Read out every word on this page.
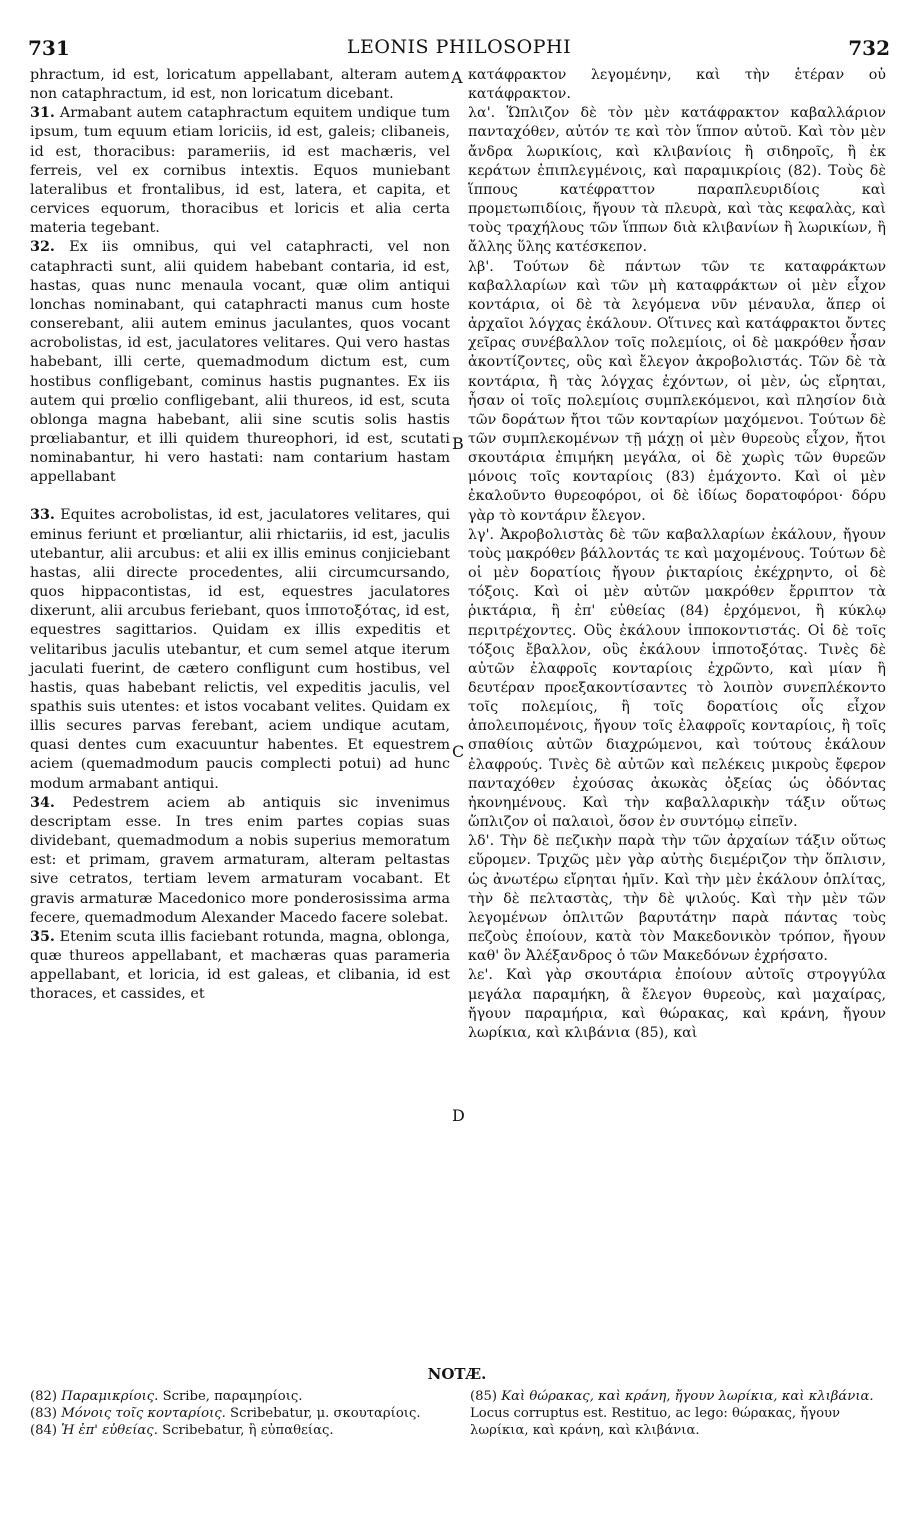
731	LEONIS PHILOSOPHI	732
A
B
C
D

phractum, id est, loricatum appellabant, alteram autem non cataphractum, id est, non loricatum dicebant.

31. Armabant autem cataphractum equitem undique tum ipsum, tum equum etiam loriciis, id est, galeis; clibaneis, id est, thoracibus: parameriis, id est machæris, vel ferreis, vel ex cornibus intextis. Equos muniebant lateralibus et frontalibus, id est, latera, et capita, et cervices equorum, thoracibus et loricis et alia certa materia tegebant.

32. Ex iis omnibus, qui vel cataphracti, vel non cataphracti sunt, alii quidem habebant contaria, id est, hastas, quas nunc menaula vocant, quæ olim antiqui lonchas nominabant, qui cataphracti manus cum hoste conserebant, alii autem eminus jaculantes, quos vocant acrobolistas, id est, jaculatores velitares. Qui vero hastas habebant, illi certe, quemadmodum dictum est, cum hostibus confligebant, cominus hastis pugnantes. Ex iis autem qui prœlio confligebant, alii thureos, id est, scuta oblonga magna habebant, alii sine scutis solis hastis prœliabantur, et illi quidem thureophori, id est, scutati nominabantur, hi vero hastati: nam contarium hastam appellabant

33. Equites acrobolistas, id est, jaculatores velitares, qui eminus feriunt et prœliantur, alii rhictariis, id est, jaculis utebantur, alii arcubus: et alii ex illis eminus conjiciebant hastas, alii directe procedentes, alii circumcursando, quos hippacontistas, id est, equestres jaculatores dixerunt, alii arcubus feriebant, quos ἱπποτοξότας, id est, equestres sagittarios. Quidam ex illis expeditis et velitaribus jaculis utebantur, et cum semel atque iterum jaculati fuerint, de cætero confligunt cum hostibus, vel hastis, quas habebant relictis, vel expeditis jaculis, vel spathis suis utentes: et istos vocabant velites. Quidam ex illis secures parvas ferebant, aciem undique acutam, quasi dentes cum exacuuntur habentes. Et equestrem aciem (quemadmodum paucis complecti potui) ad hunc modum armabant antiqui.

34. Pedestrem aciem ab antiquis sic invenimus descriptam esse. In tres enim partes copias suas dividebant, quemadmodum a nobis superius memoratum est: et primam, gravem armaturam, alteram peltastas sive cetratos, tertiam levem armaturam vocabant. Et gravis armaturæ Macedonico more ponderosissima arma fecere, quemadmodum Alexander Macedo facere solebat.

35. Etenim scuta illis faciebant rotunda, magna, oblonga, quæ thureos appellabant, et machæras quas parameria appellabant, et loricia, id est galeas, et clibania, id est thoraces, et cassides, et

κατάφρακτον λεγομένην, καὶ τὴν ἑτέραν οὐ κατάφρακτον.

λα'. Ὥπλιζον δὲ τὸν μὲν κατάφρακτον καβαλλάριον πανταχόθεν, αὐτόν τε καὶ τὸν ἵππον αὐτοῦ. Καὶ τὸν μὲν ἄνδρα λωρικίοις, καὶ κλιβανίοις ἢ σιδηροῖς, ἢ ἐκ κεράτων ἐπιπλεγμένοις, καὶ παραμικρίοις (82). Τοὺς δὲ ἵππους κατέφραττον παραπλευριδίοις καὶ προμετωπιδίοις, ἤγουν τὰ πλευρὰ, καὶ τὰς κεφαλὰς, καὶ τοὺς τραχήλους τῶν ἵππων διὰ κλιβανίων ἢ λωρικίων, ἢ ἄλλης ὕλης κατέσκεπον.

λβ'. Τούτων δὲ πάντων τῶν τε καταφράκτων καβαλλαρίων καὶ τῶν μὴ καταφράκτων οἱ μὲν εἶχον κοντάρια, οἱ δὲ τὰ λεγόμενα νῦν μέναυλα, ἅπερ οἱ ἀρχαῖοι λόγχας ἐκάλουν. Οἵτινες καὶ κατάφρακτοι ὄντες χεῖρας συνέβαλλον τοῖς πολεμίοις, οἱ δὲ μακρόθεν ἦσαν ἀκοντίζοντες, οὓς καὶ ἔλεγον ἀκροβολιστάς. Τῶν δὲ τὰ κοντάρια, ἢ τὰς λόγχας ἐχόντων, οἱ μὲν, ὡς εἴρηται, ἦσαν οἱ τοῖς πολεμίοις συμπλεκόμενοι, καὶ πλησίον διὰ τῶν δοράτων ἤτοι τῶν κονταρίων μαχόμενοι. Τούτων δὲ τῶν συμπλεκομένων τῇ μάχῃ οἱ μὲν θυρεοὺς εἶχον, ἤτοι σκουτάρια ἐπιμήκη μεγάλα, οἱ δὲ χωρὶς τῶν θυρεῶν μόνοις τοῖς κονταρίοις (83) ἐμάχοντο. Καὶ οἱ μὲν ἐκαλοῦντο θυρεοφόροι, οἱ δὲ ἰδίως δορατοφόροι· δόρυ γὰρ τὸ κοντάριν ἔλεγον.

λγ'. Ἀκροβολιστὰς δὲ τῶν καβαλλαρίων ἐκάλουν, ἤγουν τοὺς μακρόθεν βάλλοντάς τε καὶ μαχομένους. Τούτων δὲ οἱ μὲν δορατίοις ἤγουν ῥικταρίοις ἐκέχρηντο, οἱ δὲ τόξοις. Καὶ οἱ μὲν αὐτῶν μακρόθεν ἔρριπτον τὰ ῥικτάρια, ἢ ἐπ' εὐθείας (84) ἐρχόμενοι, ἢ κύκλῳ περιτρέχοντες. Οὓς ἐκάλουν ἱπποκοντιστάς. Οἱ δὲ τοῖς τόξοις ἔβαλλον, οὓς ἐκάλουν ἱπποτοξότας. Τινὲς δὲ αὐτῶν ἐλαφροῖς κονταρίοις ἐχρῶντο, καὶ μίαν ἢ δευτέραν προεξακοντίσαντες τὸ λοιπὸν συνεπλέκοντο τοῖς πολεμίοις, ἢ τοῖς δορατίοις οἷς εἶχον ἀπολειπομένοις, ἤγουν τοῖς ἐλαφροῖς κονταρίοις, ἢ τοῖς σπαθίοις αὐτῶν διαχρώμενοι, καὶ τούτους ἐκάλουν ἐλαφρούς. Τινὲς δὲ αὐτῶν καὶ πελέκεις μικροὺς ἔφερον πανταχόθεν ἐχούσας ἀκωκὰς ὀξείας ὡς ὀδόντας ἠκονημένους. Καὶ τὴν καβαλλαρικὴν τάξιν οὕτως ὥπλιζον οἱ παλαιοὶ, ὅσον ἐν συντόμῳ εἰπεῖν.

λδ'. Τὴν δὲ πεζικὴν παρὰ τὴν τῶν ἀρχαίων τάξιν οὕτως εὕρομεν. Τριχῶς μὲν γὰρ αὐτὴς διεμέριζον τὴν ὅπλισιν, ὡς ἀνωτέρω εἴρηται ἡμῖν. Καὶ τὴν μὲν ἐκάλουν ὁπλίτας, τὴν δὲ πελταστὰς, τὴν δὲ ψιλούς. Καὶ τὴν μὲν τῶν λεγομένων ὁπλιτῶν βαρυτάτην παρὰ πάντας τοὺς πεζοὺς ἐποίουν, κατὰ τὸν Μακεδονικὸν τρόπον, ἤγουν καθ' ὃν Ἀλέξανδρος ὁ τῶν Μακεδόνων ἐχρήσατο.

λε'. Καὶ γὰρ σκουτάρια ἐποίουν αὐτοῖς στρογγύλα μεγάλα παραμήκη, ἃ ἔλεγον θυρεοὺς, καὶ μαχαίρας, ἤγουν παραμήρια, καὶ θώρακας, καὶ κράνη, ἤγουν λωρίκια, καὶ κλιβάνια (85), καὶ

NOTÆ.

(82) Παραμικρίοις. Scribe, παραμηρίοις.

(83) Μόνοις τοῖς κονταρίοις. Scribebatur, μ. σκουταρίοις.

(84) Ἡ ἐπ' εὐθείας. Scribebatur, ἢ εὐπαθείας.

(85) Καὶ θώρακας, καὶ κράνη, ἤγουν λωρίκια, καὶ κλιβάνια. Locus corruptus est. Restituo, ac lego: θώρακας, ἤγουν λωρίκια, καὶ κράνη, καὶ κλιβάνια.
